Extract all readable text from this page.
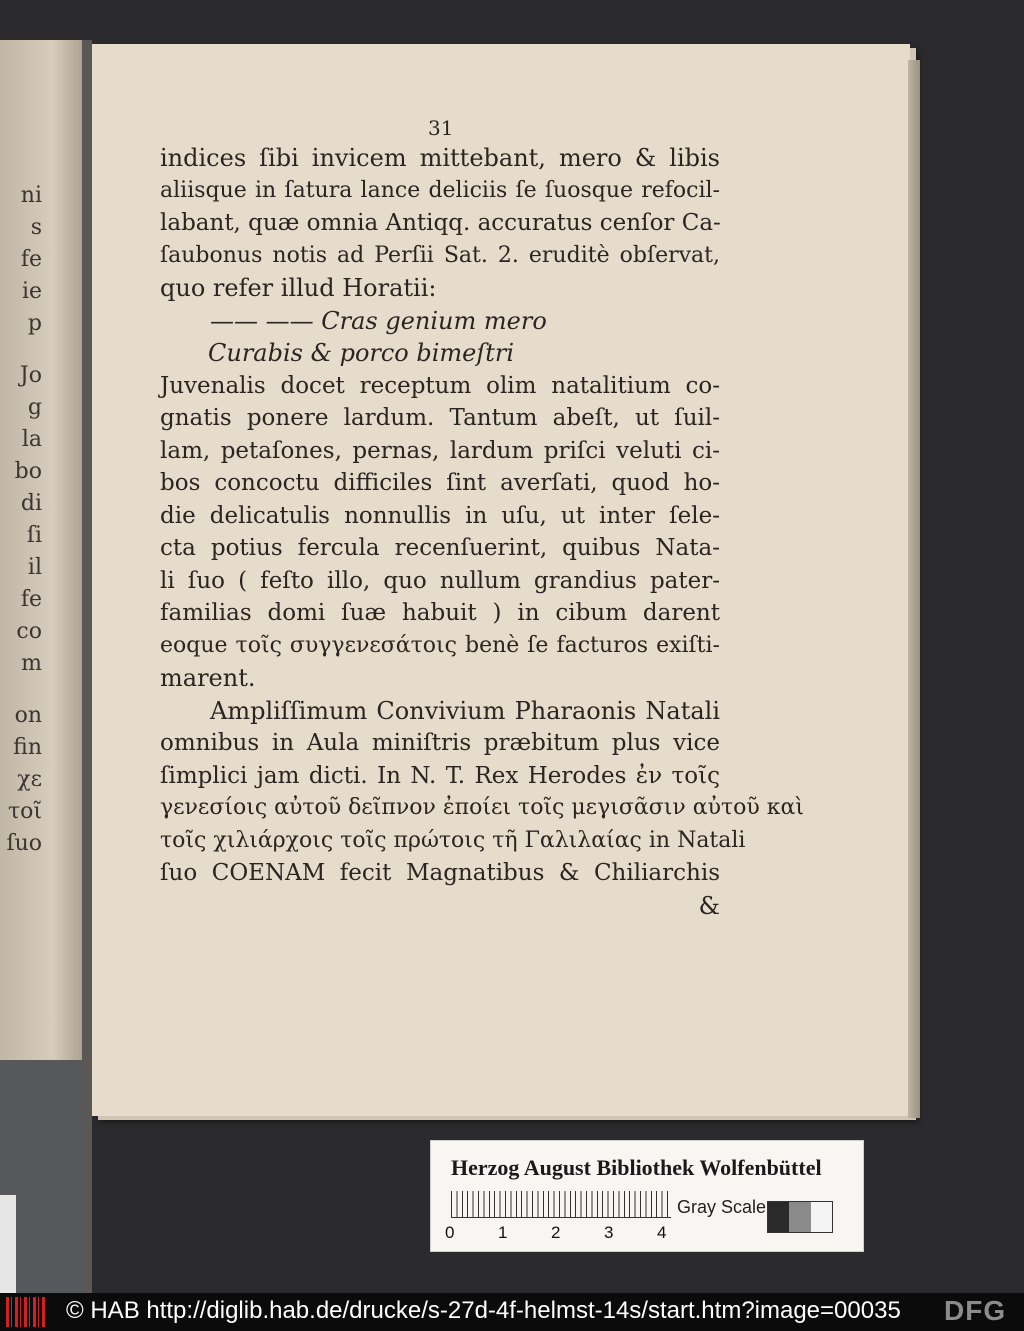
ni
s
fe
ie
p
Jo
g
la
bo
di
ſi
il
fe
co
m
on
fin
χε
τοῖ
ſuo
31
indices ſibi invicem mittebant, mero & libis
aliisque in ſatura lance deliciis ſe ſuosque refocil-
labant, quæ omnia Antiqq. accuratus cenſor Ca-
ſaubonus notis ad Perſii Sat. 2. eruditè obſervat,
quo refer illud Horatii:
—— —— Cras genium mero
Curabis & porco bimeſtri
Juvenalis docet receptum olim natalitium co-
gnatis ponere lardum. Tantum abeſt, ut ſuil-
lam, petaſones, pernas, lardum priſci veluti ci-
bos concoctu difficiles ſint averſati, quod ho-
die delicatulis nonnullis in uſu, ut inter ſele-
cta potius fercula recenſuerint, quibus Nata-
li ſuo ( feſto illo, quo nullum grandius pater-
familias domi ſuæ habuit ) in cibum darent
eoque τοῖς συγγενεσάτοις benè ſe facturos exiſti-
marent.
Ampliſſimum Convivium Pharaonis Natali
omnibus in Aula miniſtris præbitum plus vice
ſimplici jam dicti. In N. T. Rex Herodes ἐν τοῖς
γενεσίοις αὐτοῦ δεῖπνον ἐποίει τοῖς μεγισᾶσιν αὐτοῦ καὶ
τοῖς χιλιάρχοις τοῖς πρώτοις τῆ Γαλιλαίας in Natali
ſuo COENAM fecit Magnatibus & Chiliarchis
&
Herzog August Bibliothek Wolfenbüttel
0	1	2	3	4
Gray Scale
© HAB http://diglib.hab.de/drucke/s-27d-4f-helmst-14s/start.htm?image=00035 DFG
